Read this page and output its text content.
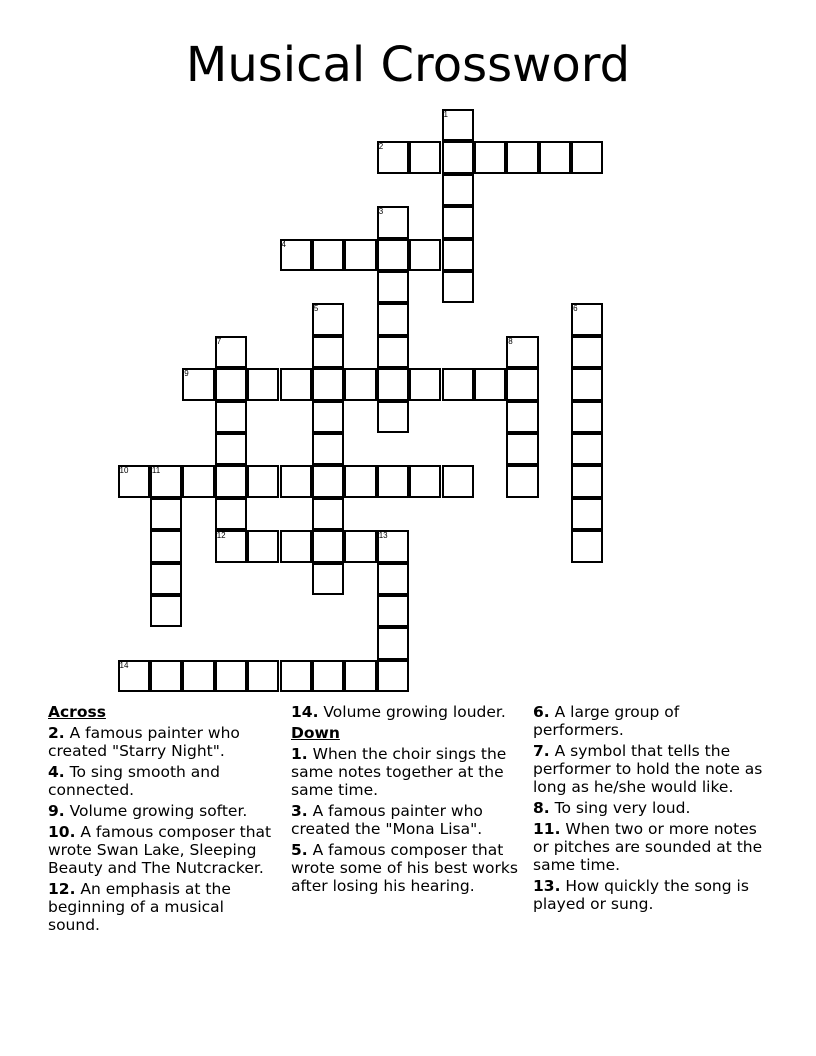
Musical Crossword
1
2
3
4
5	6
7	8
9
10	11
12	13
14
Across
2. A famous painter who created "Starry Night".
4. To sing smooth and connected.
9. Volume growing softer.
10. A famous composer that wrote Swan Lake, Sleeping Beauty and The Nutcracker.
12. An emphasis at the beginning of a musical sound.
14. Volume growing louder.
Down
1. When the choir sings the same notes together at the same time.
3. A famous painter who created the "Mona Lisa".
5. A famous composer that wrote some of his best works after losing his hearing.
6. A large group of performers.
7. A symbol that tells the performer to hold the note as long as he/she would like.
8. To sing very loud.
11. When two or more notes or pitches are sounded at the same time.
13. How quickly the song is played or sung.
